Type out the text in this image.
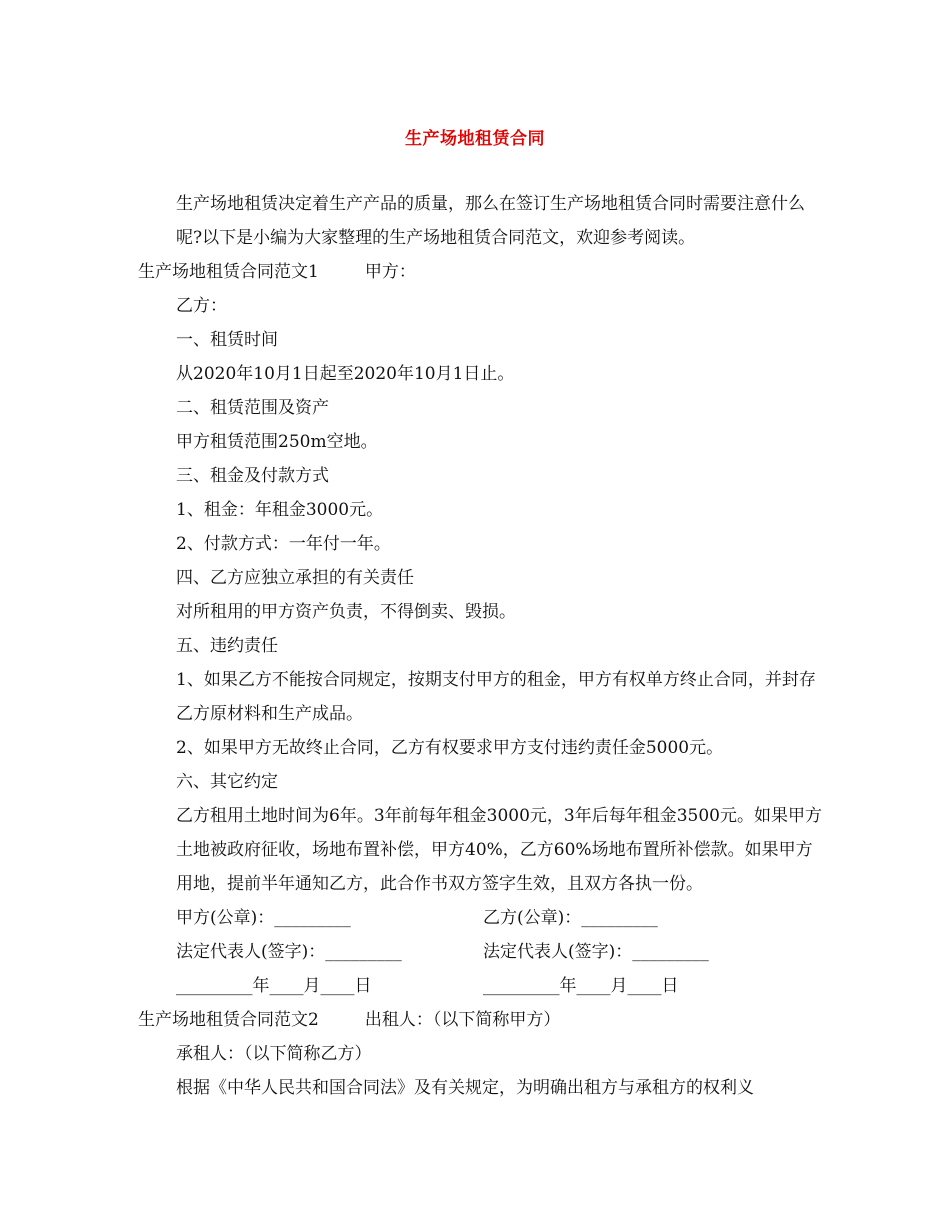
生产场地租赁合同

生产场地租赁决定着生产产品的质量，那么在签订生产场地租赁合同时需要注意什么呢?以下是小编为大家整理的生产场地租赁合同范文，欢迎参考阅读。

生产场地租赁合同范文1	甲方：

乙方：

一、租赁时间

从2020年10月1日起至2020年10月1日止。

二、租赁范围及资产

甲方租赁范围250m空地。

三、租金及付款方式

1、租金：年租金3000元。

2、付款方式：一年付一年。

四、乙方应独立承担的有关责任

对所租用的甲方资产负责，不得倒卖、毁损。

五、违约责任

1、如果乙方不能按合同规定，按期支付甲方的租金，甲方有权单方终止合同，并封存乙方原材料和生产成品。

2、如果甲方无故终止合同，乙方有权要求甲方支付违约责任金5000元。

六、其它约定

乙方租用土地时间为6年。3年前每年租金3000元，3年后每年租金3500元。如果甲方土地被政府征收，场地布置补偿，甲方40%，乙方60%场地布置所补偿款。如果甲方用地，提前半年通知乙方，此合作书双方签字生效，且双方各执一份。

甲方(公章)：_________	乙方(公章)：_________
法定代表人(签字)：_________	法定代表人(签字)：_________
_________年____月____日	_________年____月____日

生产场地租赁合同范文2	出租人：（以下简称甲方）

承租人：（以下简称乙方）

根据《中华人民共和国合同法》及有关规定，为明确出租方与承租方的权利义
